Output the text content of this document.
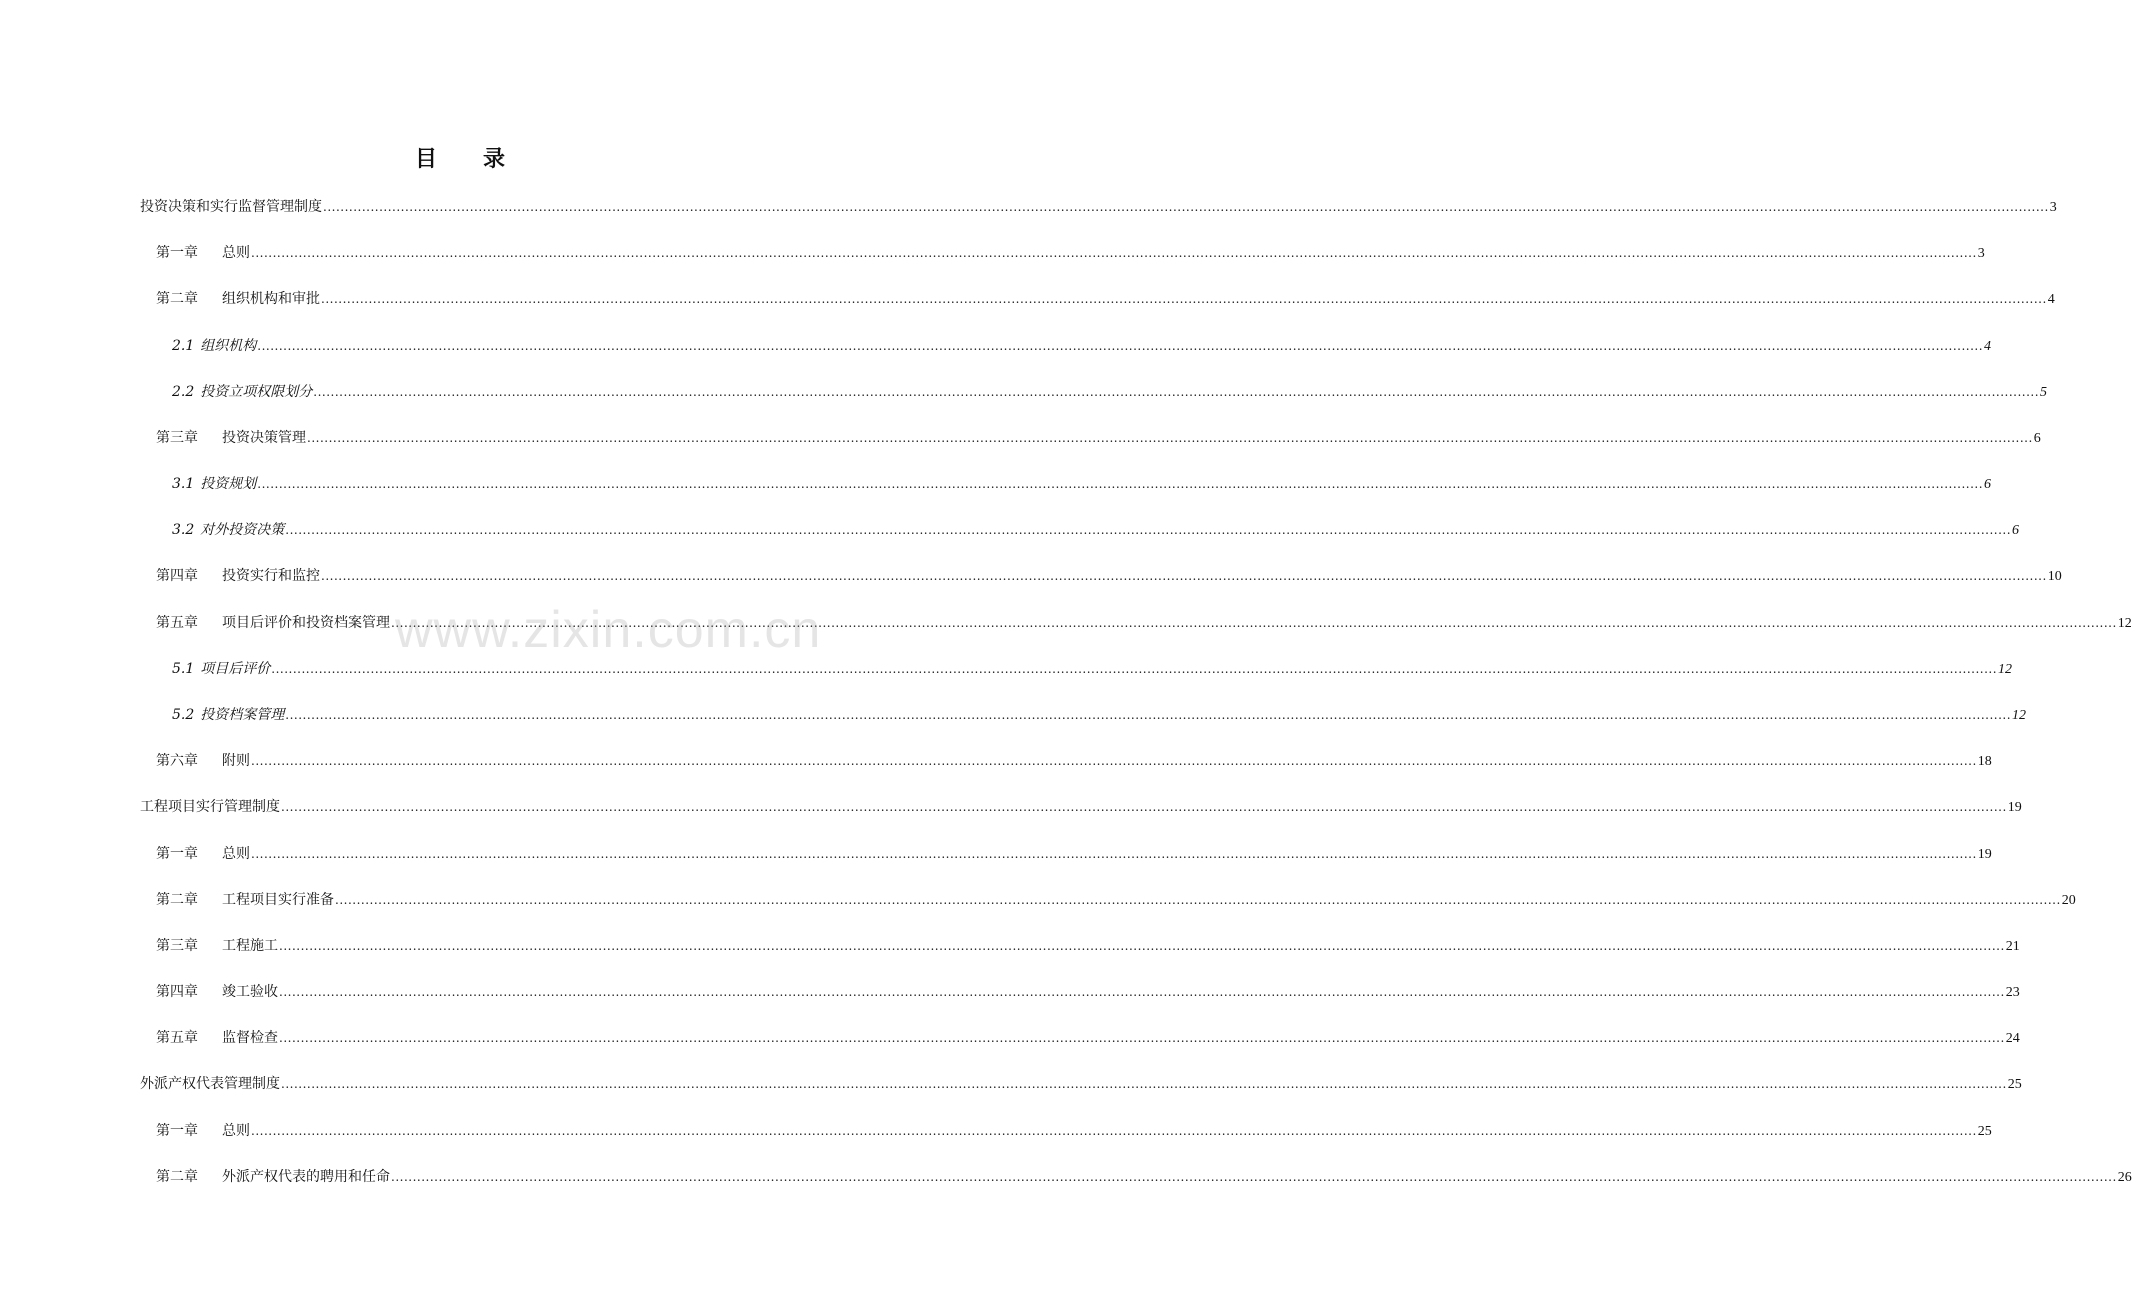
目 录
投资决策和实行监督管理制度 ................................................................................................................................................................................................................................................................................................................................................................................................................ 3
第一章 总则 ................................................................................................................................................................................................................................................................................................................................................................................................................ 3
第二章 组织机构和审批 ................................................................................................................................................................................................................................................................................................................................................................................................................ 4
2.1 组织机构 ................................................................................................................................................................................................................................................................................................................................................................................................................ 4
2.2 投资立项权限划分 ................................................................................................................................................................................................................................................................................................................................................................................................................ 5
第三章 投资决策管理 ................................................................................................................................................................................................................................................................................................................................................................................................................ 6
3.1 投资规划 ................................................................................................................................................................................................................................................................................................................................................................................................................ 6
3.2 对外投资决策 ................................................................................................................................................................................................................................................................................................................................................................................................................ 6
第四章 投资实行和监控 ................................................................................................................................................................................................................................................................................................................................................................................................................ 10
第五章 项目后评价和投资档案管理 ................................................................................................................................................................................................................................................................................................................................................................................................................ 12
5.1 项目后评价 ................................................................................................................................................................................................................................................................................................................................................................................................................ 12
5.2 投资档案管理 ................................................................................................................................................................................................................................................................................................................................................................................................................ 12
第六章 附则 ................................................................................................................................................................................................................................................................................................................................................................................................................ 18
工程项目实行管理制度 ................................................................................................................................................................................................................................................................................................................................................................................................................ 19
第一章 总则 ................................................................................................................................................................................................................................................................................................................................................................................................................ 19
第二章 工程项目实行准备 ................................................................................................................................................................................................................................................................................................................................................................................................................ 20
第三章 工程施工 ................................................................................................................................................................................................................................................................................................................................................................................................................ 21
第四章 竣工验收 ................................................................................................................................................................................................................................................................................................................................................................................................................ 23
第五章 监督检查 ................................................................................................................................................................................................................................................................................................................................................................................................................ 24
外派产权代表管理制度 ................................................................................................................................................................................................................................................................................................................................................................................................................ 25
第一章 总则 ................................................................................................................................................................................................................................................................................................................................................................................................................ 25
第二章 外派产权代表的聘用和任命 ................................................................................................................................................................................................................................................................................................................................................................................................................ 26
www.zixin.com.cn
